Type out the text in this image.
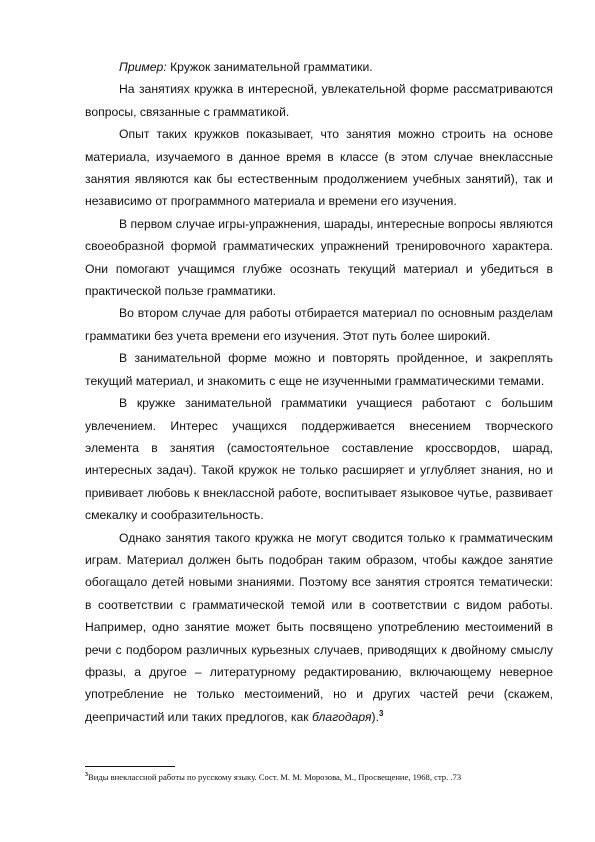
Пример: Кружок занимательной грамматики.

На занятиях кружка в интересной, увлекательной форме рассматриваются вопросы, связанные с грамматикой.

Опыт таких кружков показывает, что занятия можно строить на основе материала, изучаемого в данное время в классе (в этом случае внеклассные занятия являются как бы естественным продолжением учебных занятий), так и независимо от программного материала и времени его изучения.

В первом случае игры-упражнения, шарады, интересные вопросы являются своеобразной формой грамматических упражнений тренировочного характера. Они помогают учащимся глубже осознать текущий материал и убедиться в практической пользе грамматики.

Во втором случае для работы отбирается материал по основным разделам грамматики без учета времени его изучения. Этот путь более широкий.

В занимательной форме можно и повторять пройденное, и закреплять текущий материал, и знакомить с еще не изученными грамматическими темами.

В кружке занимательной грамматики учащиеся работают с большим увлечением. Интерес учащихся поддерживается внесением творческого элемента в занятия (самостоятельное составление кроссвордов, шарад, интересных задач). Такой кружок не только расширяет и углубляет знания, но и прививает любовь к внеклассной работе, воспитывает языковое чутье, развивает смекалку и сообразительность.

Однако занятия такого кружка не могут сводится только к грамматическим играм. Материал должен быть подобран таким образом, чтобы каждое занятие обогащало детей новыми знаниями. Поэтому все занятия строятся тематически: в соответствии с грамматической темой или в соответствии с видом работы. Например, одно занятие может быть посвящено употреблению местоимений в речи с подбором различных курьезных случаев, приводящих к двойному смыслу фразы, а другое – литературному редактированию, включающему неверное употребление не только местоимений, но и других частей речи (скажем, деепричастий или таких предлогов, как благодаря).$^3$

$^3$Виды внеклассной работы по русскому языку. Сост. М. М. Морозова, М., Просвещение, 1968, стр. .73
